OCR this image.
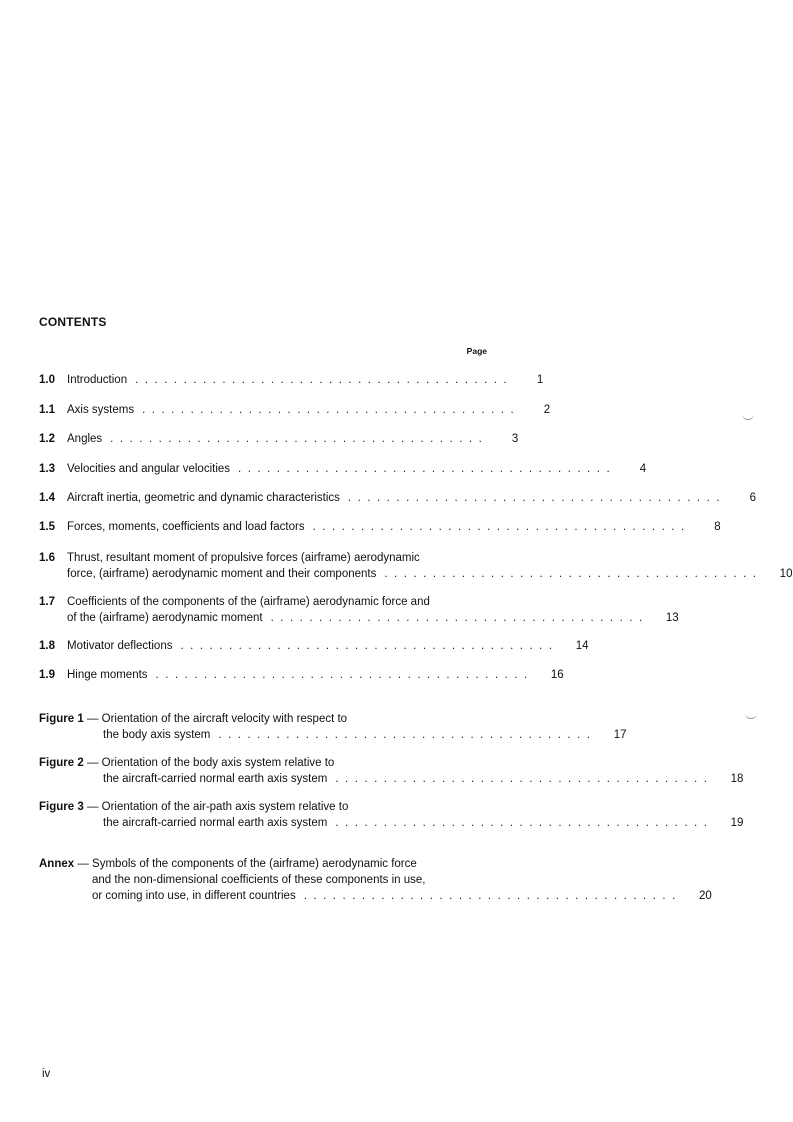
CONTENTS
Page
1.0	Introduction .......................................	1
1.1	Axis systems .......................................	2
1.2	Angles .......................................	3
1.3	Velocities and angular velocities .......................................	4
1.4	Aircraft inertia, geometric and dynamic characteristics .......................................	6
1.5	Forces, moments, coefficients and load factors .......................................	8
1.6	Thrust, resultant moment of propulsive forces (airframe) aerodynamic
force, (airframe) aerodynamic moment and their components .......................................	10
1.7	Coefficients of the components of the (airframe) aerodynamic force and
of the (airframe) aerodynamic moment .......................................	13
1.8	Motivator deflections .......................................	14
1.9	Hinge moments .......................................	16
Figure 1
— Orientation of the aircraft velocity with respect to
the body axis system .......................................	17
Figure 2
— Orientation of the body axis system relative to
the aircraft-carried normal earth axis system .......................................	18
Figure 3
— Orientation of the air-path axis system relative to
the aircraft-carried normal earth axis system .......................................	19
Annex
— Symbols of the components of the (airframe) aerodynamic force
and the non-dimensional coefficients of these components in use,
or coming into use, in different countries .......................................	20
iv
